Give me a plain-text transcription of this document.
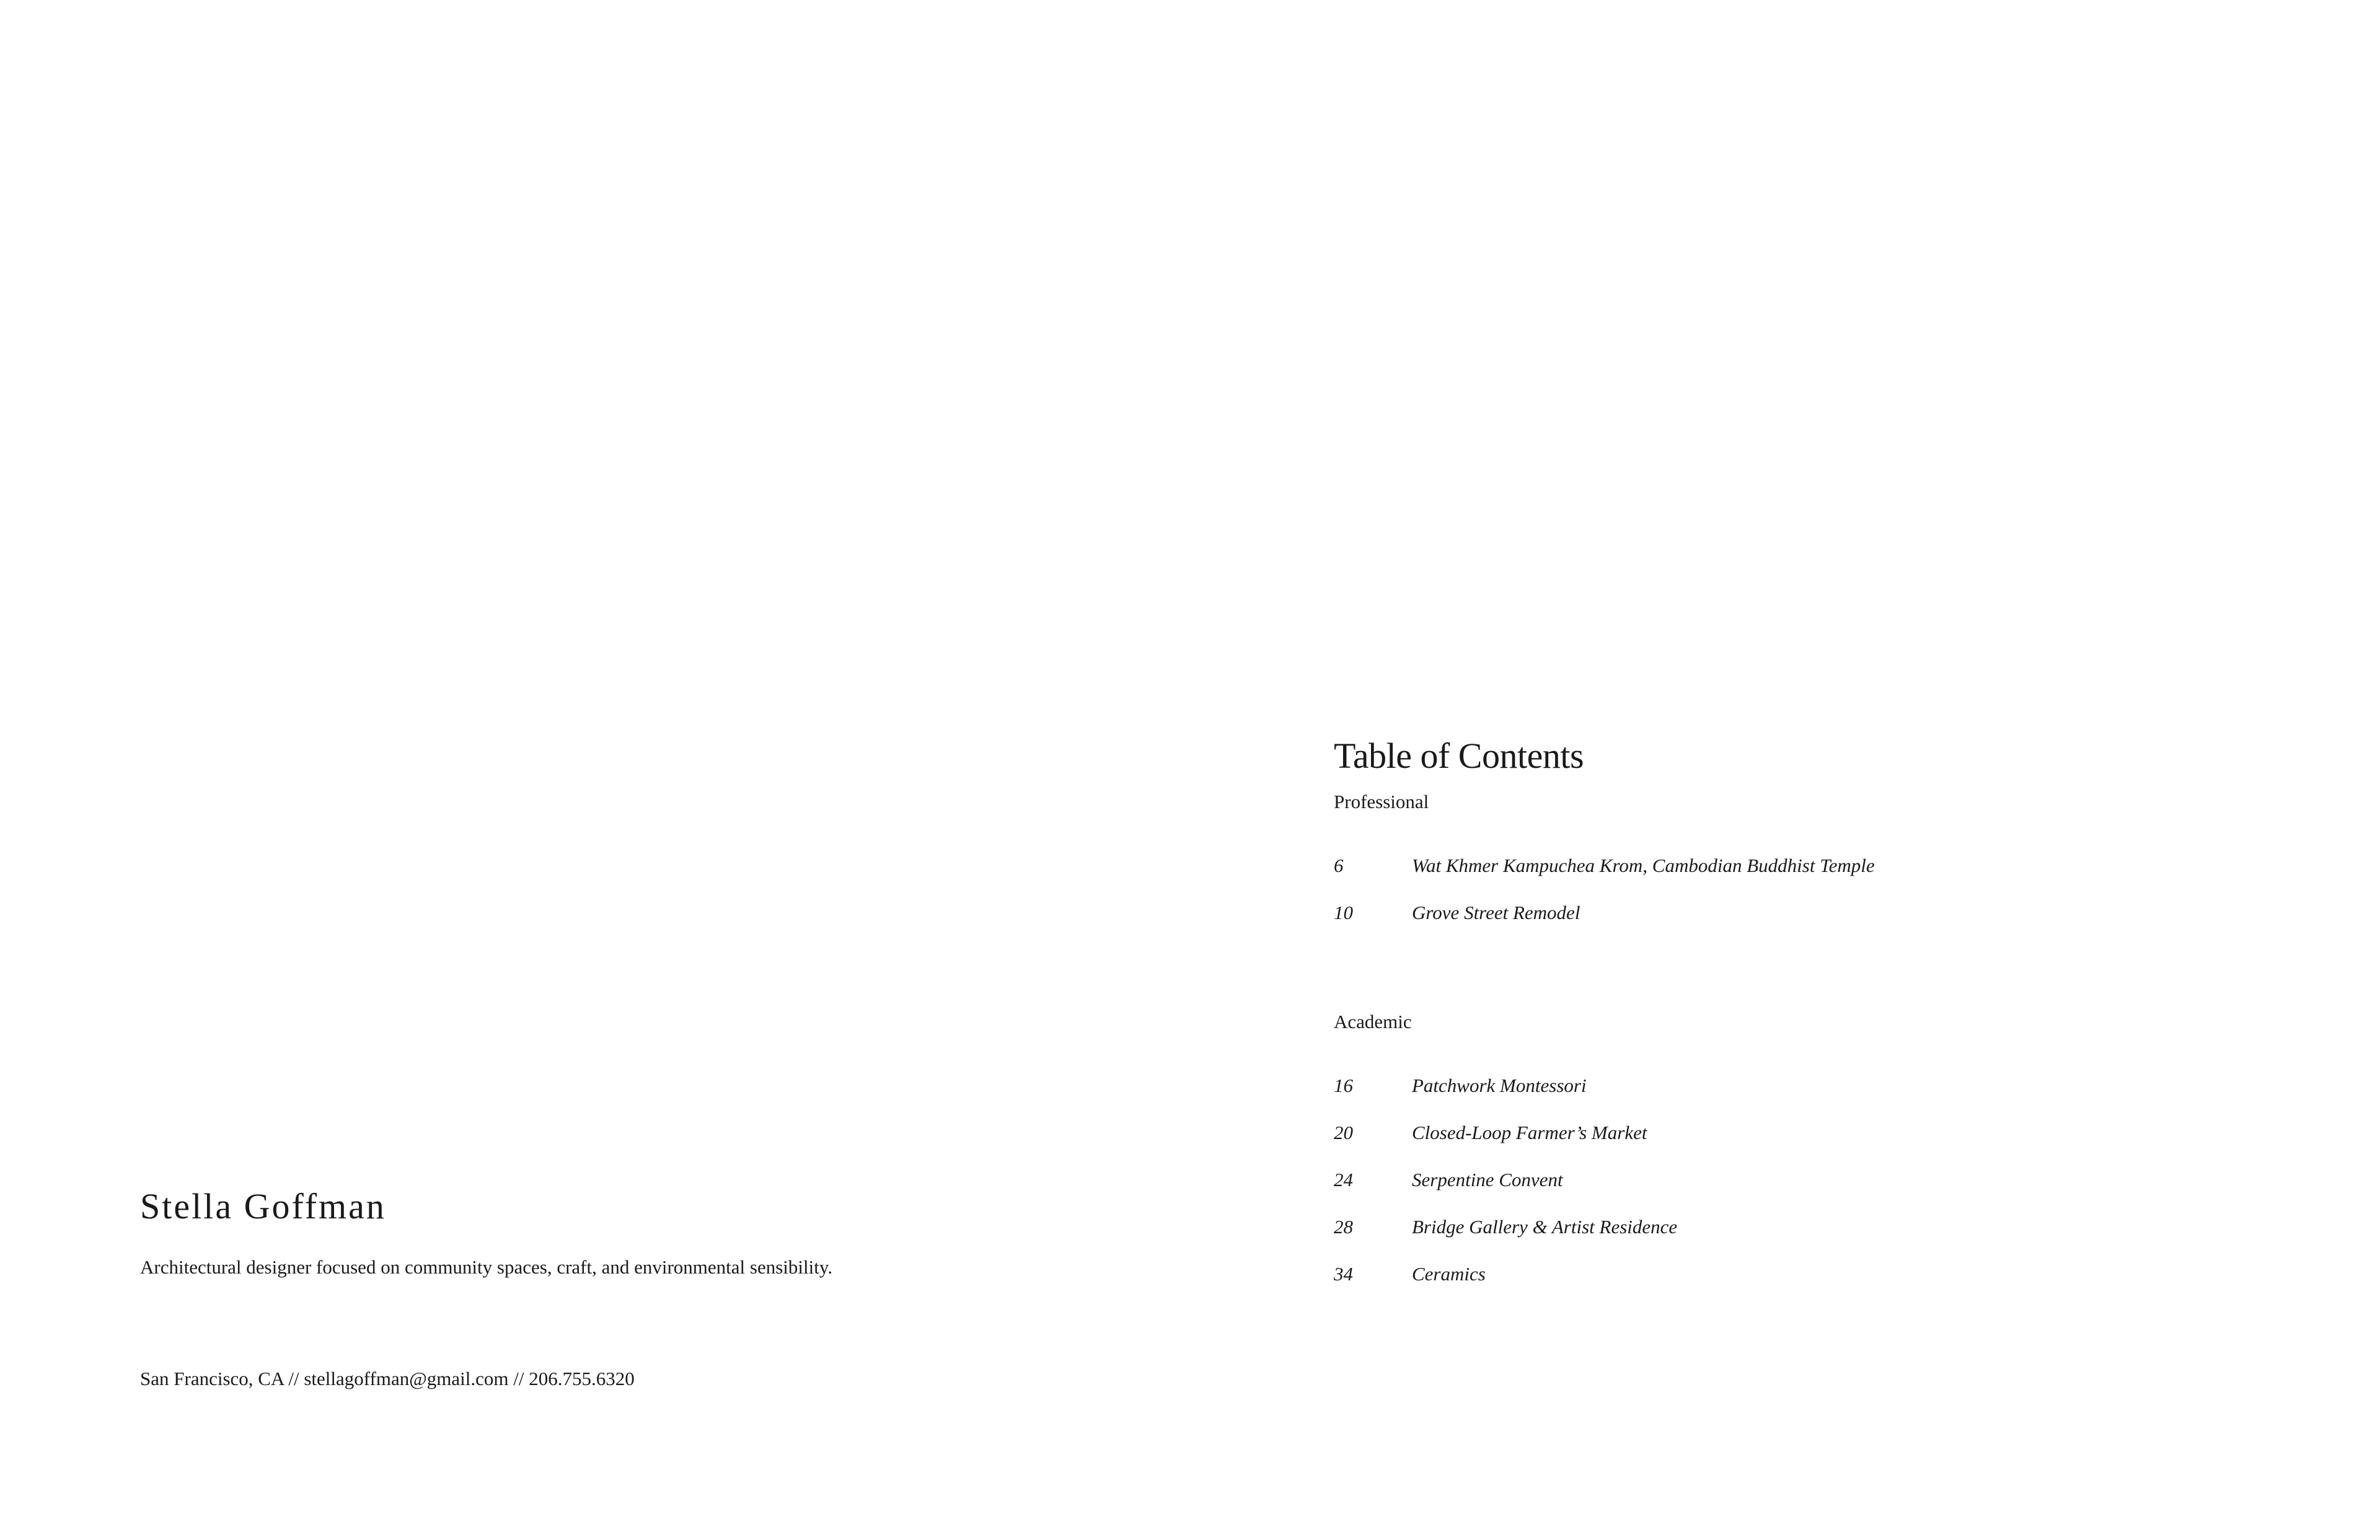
Stella Goffman

Architectural designer focused on community spaces, craft, and environmental sensibility.

San Francisco, CA // stellagoffman@gmail.com // 206.755.6320

Table of Contents

Professional

6	Wat Khmer Kampuchea Krom, Cambodian Buddhist Temple
10	Grove Street Remodel

Academic

16	Patchwork Montessori
20	Closed-Loop Farmer’s Market
24	Serpentine Convent
28	Bridge Gallery & Artist Residence
34	Ceramics
